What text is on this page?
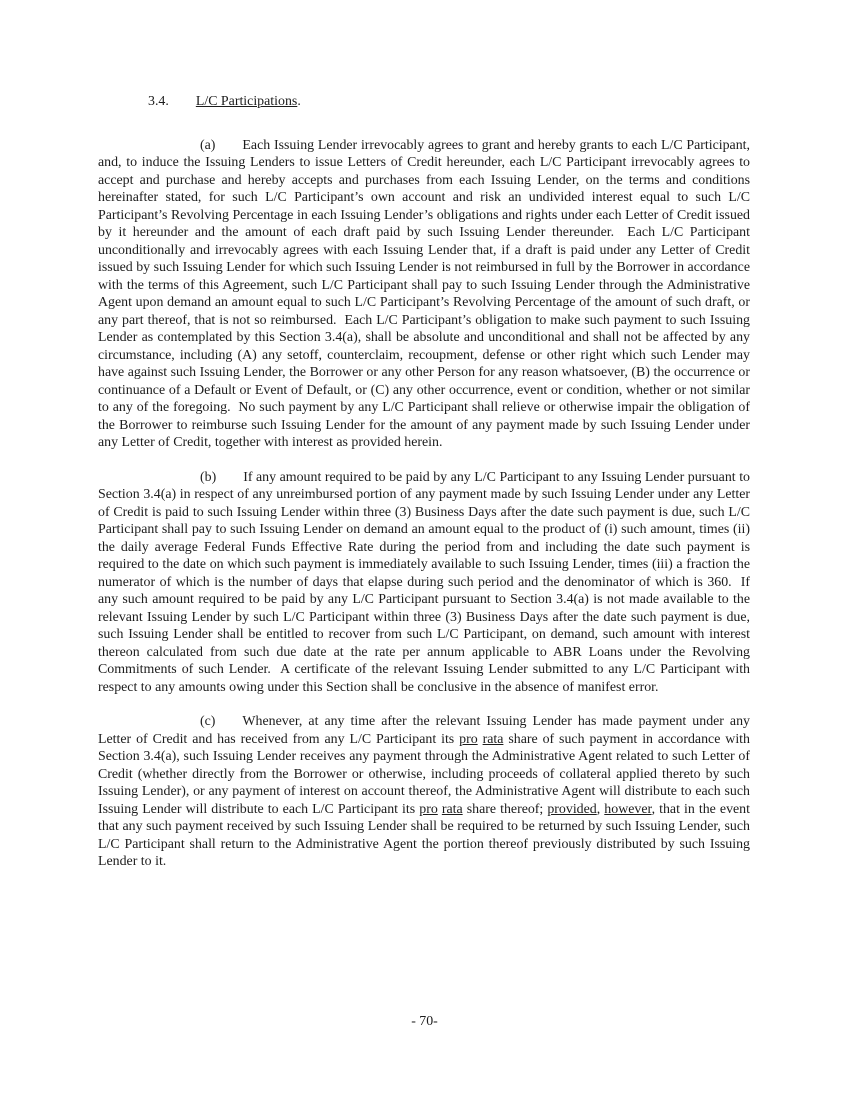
3.4. L/C Participations.

(a) Each Issuing Lender irrevocably agrees to grant and hereby grants to each L/C Participant, and, to induce the Issuing Lenders to issue Letters of Credit hereunder, each L/C Participant irrevocably agrees to accept and purchase and hereby accepts and purchases from each Issuing Lender, on the terms and conditions hereinafter stated, for such L/C Participant’s own account and risk an undivided interest equal to such L/C Participant’s Revolving Percentage in each Issuing Lender’s obligations and rights under each Letter of Credit issued by it hereunder and the amount of each draft paid by such Issuing Lender thereunder.  Each L/C Participant unconditionally and irrevocably agrees with each Issuing Lender that, if a draft is paid under any Letter of Credit issued by such Issuing Lender for which such Issuing Lender is not reimbursed in full by the Borrower in accordance with the terms of this Agreement, such L/C Participant shall pay to such Issuing Lender through the Administrative Agent upon demand an amount equal to such L/C Participant’s Revolving Percentage of the amount of such draft, or any part thereof, that is not so reimbursed.  Each L/C Participant’s obligation to make such payment to such Issuing Lender as contemplated by this Section 3.4(a), shall be absolute and unconditional and shall not be affected by any circumstance, including (A) any setoff, counterclaim, recoupment, defense or other right which such Lender may have against such Issuing Lender, the Borrower or any other Person for any reason whatsoever, (B) the occurrence or continuance of a Default or Event of Default, or (C) any other occurrence, event or condition, whether or not similar to any of the foregoing.  No such payment by any L/C Participant shall relieve or otherwise impair the obligation of the Borrower to reimburse such Issuing Lender for the amount of any payment made by such Issuing Lender under any Letter of Credit, together with interest as provided herein.

(b) If any amount required to be paid by any L/C Participant to any Issuing Lender pursuant to Section 3.4(a) in respect of any unreimbursed portion of any payment made by such Issuing Lender under any Letter of Credit is paid to such Issuing Lender within three (3) Business Days after the date such payment is due, such L/C Participant shall pay to such Issuing Lender on demand an amount equal to the product of (i) such amount, times (ii) the daily average Federal Funds Effective Rate during the period from and including the date such payment is required to the date on which such payment is immediately available to such Issuing Lender, times (iii) a fraction the numerator of which is the number of days that elapse during such period and the denominator of which is 360.  If any such amount required to be paid by any L/C Participant pursuant to Section 3.4(a) is not made available to the relevant Issuing Lender by such L/C Participant within three (3) Business Days after the date such payment is due, such Issuing Lender shall be entitled to recover from such L/C Participant, on demand, such amount with interest thereon calculated from such due date at the rate per annum applicable to ABR Loans under the Revolving Commitments of such Lender.  A certificate of the relevant Issuing Lender submitted to any L/C Participant with respect to any amounts owing under this Section shall be conclusive in the absence of manifest error.

(c) Whenever, at any time after the relevant Issuing Lender has made payment under any Letter of Credit and has received from any L/C Participant its pro rata share of such payment in accordance with Section 3.4(a), such Issuing Lender receives any payment through the Administrative Agent related to such Letter of Credit (whether directly from the Borrower or otherwise, including proceeds of collateral applied thereto by such Issuing Lender), or any payment of interest on account thereof, the Administrative Agent will distribute to each such Issuing Lender will distribute to each L/C Participant its pro rata share thereof; provided, however, that in the event that any such payment received by such Issuing Lender shall be required to be returned by such Issuing Lender, such L/C Participant shall return to the Administrative Agent the portion thereof previously distributed by such Issuing Lender to it.

- 70-
